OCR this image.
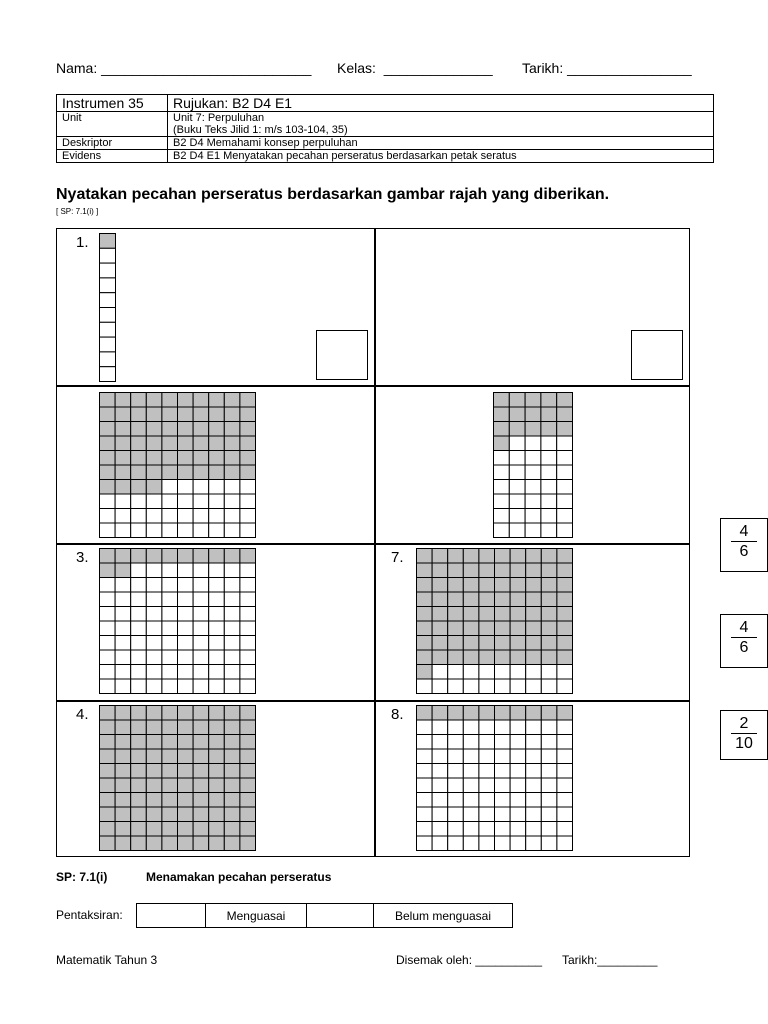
Nama: ___________________________ Kelas:  ______________ Tarikh: ________________
Instrumen 35	Rujukan: B2 D4 E1
Unit	Unit 7: Perpuluhan
(Buku Teks Jilid 1: m/s 103-104, 35)

Deskriptor	B2 D4 Memahami konsep perpuluhan
Evidens	B2 D4 E1 Menyatakan pecahan perseratus berdasarkan petak seratus
Nyatakan pecahan perseratus berdasarkan gambar rajah yang diberikan.
[ SP: 7.1(i) ]
1.
3.	7.
4.	8.
4
6
4
6
2
10
SP: 7.1(i)	Menamakan pecahan perseratus
Pentaksiran:
		Menguasai		Belum menguasai
Matematik Tahun 3	Disemak oleh: __________ Tarikh:_________
